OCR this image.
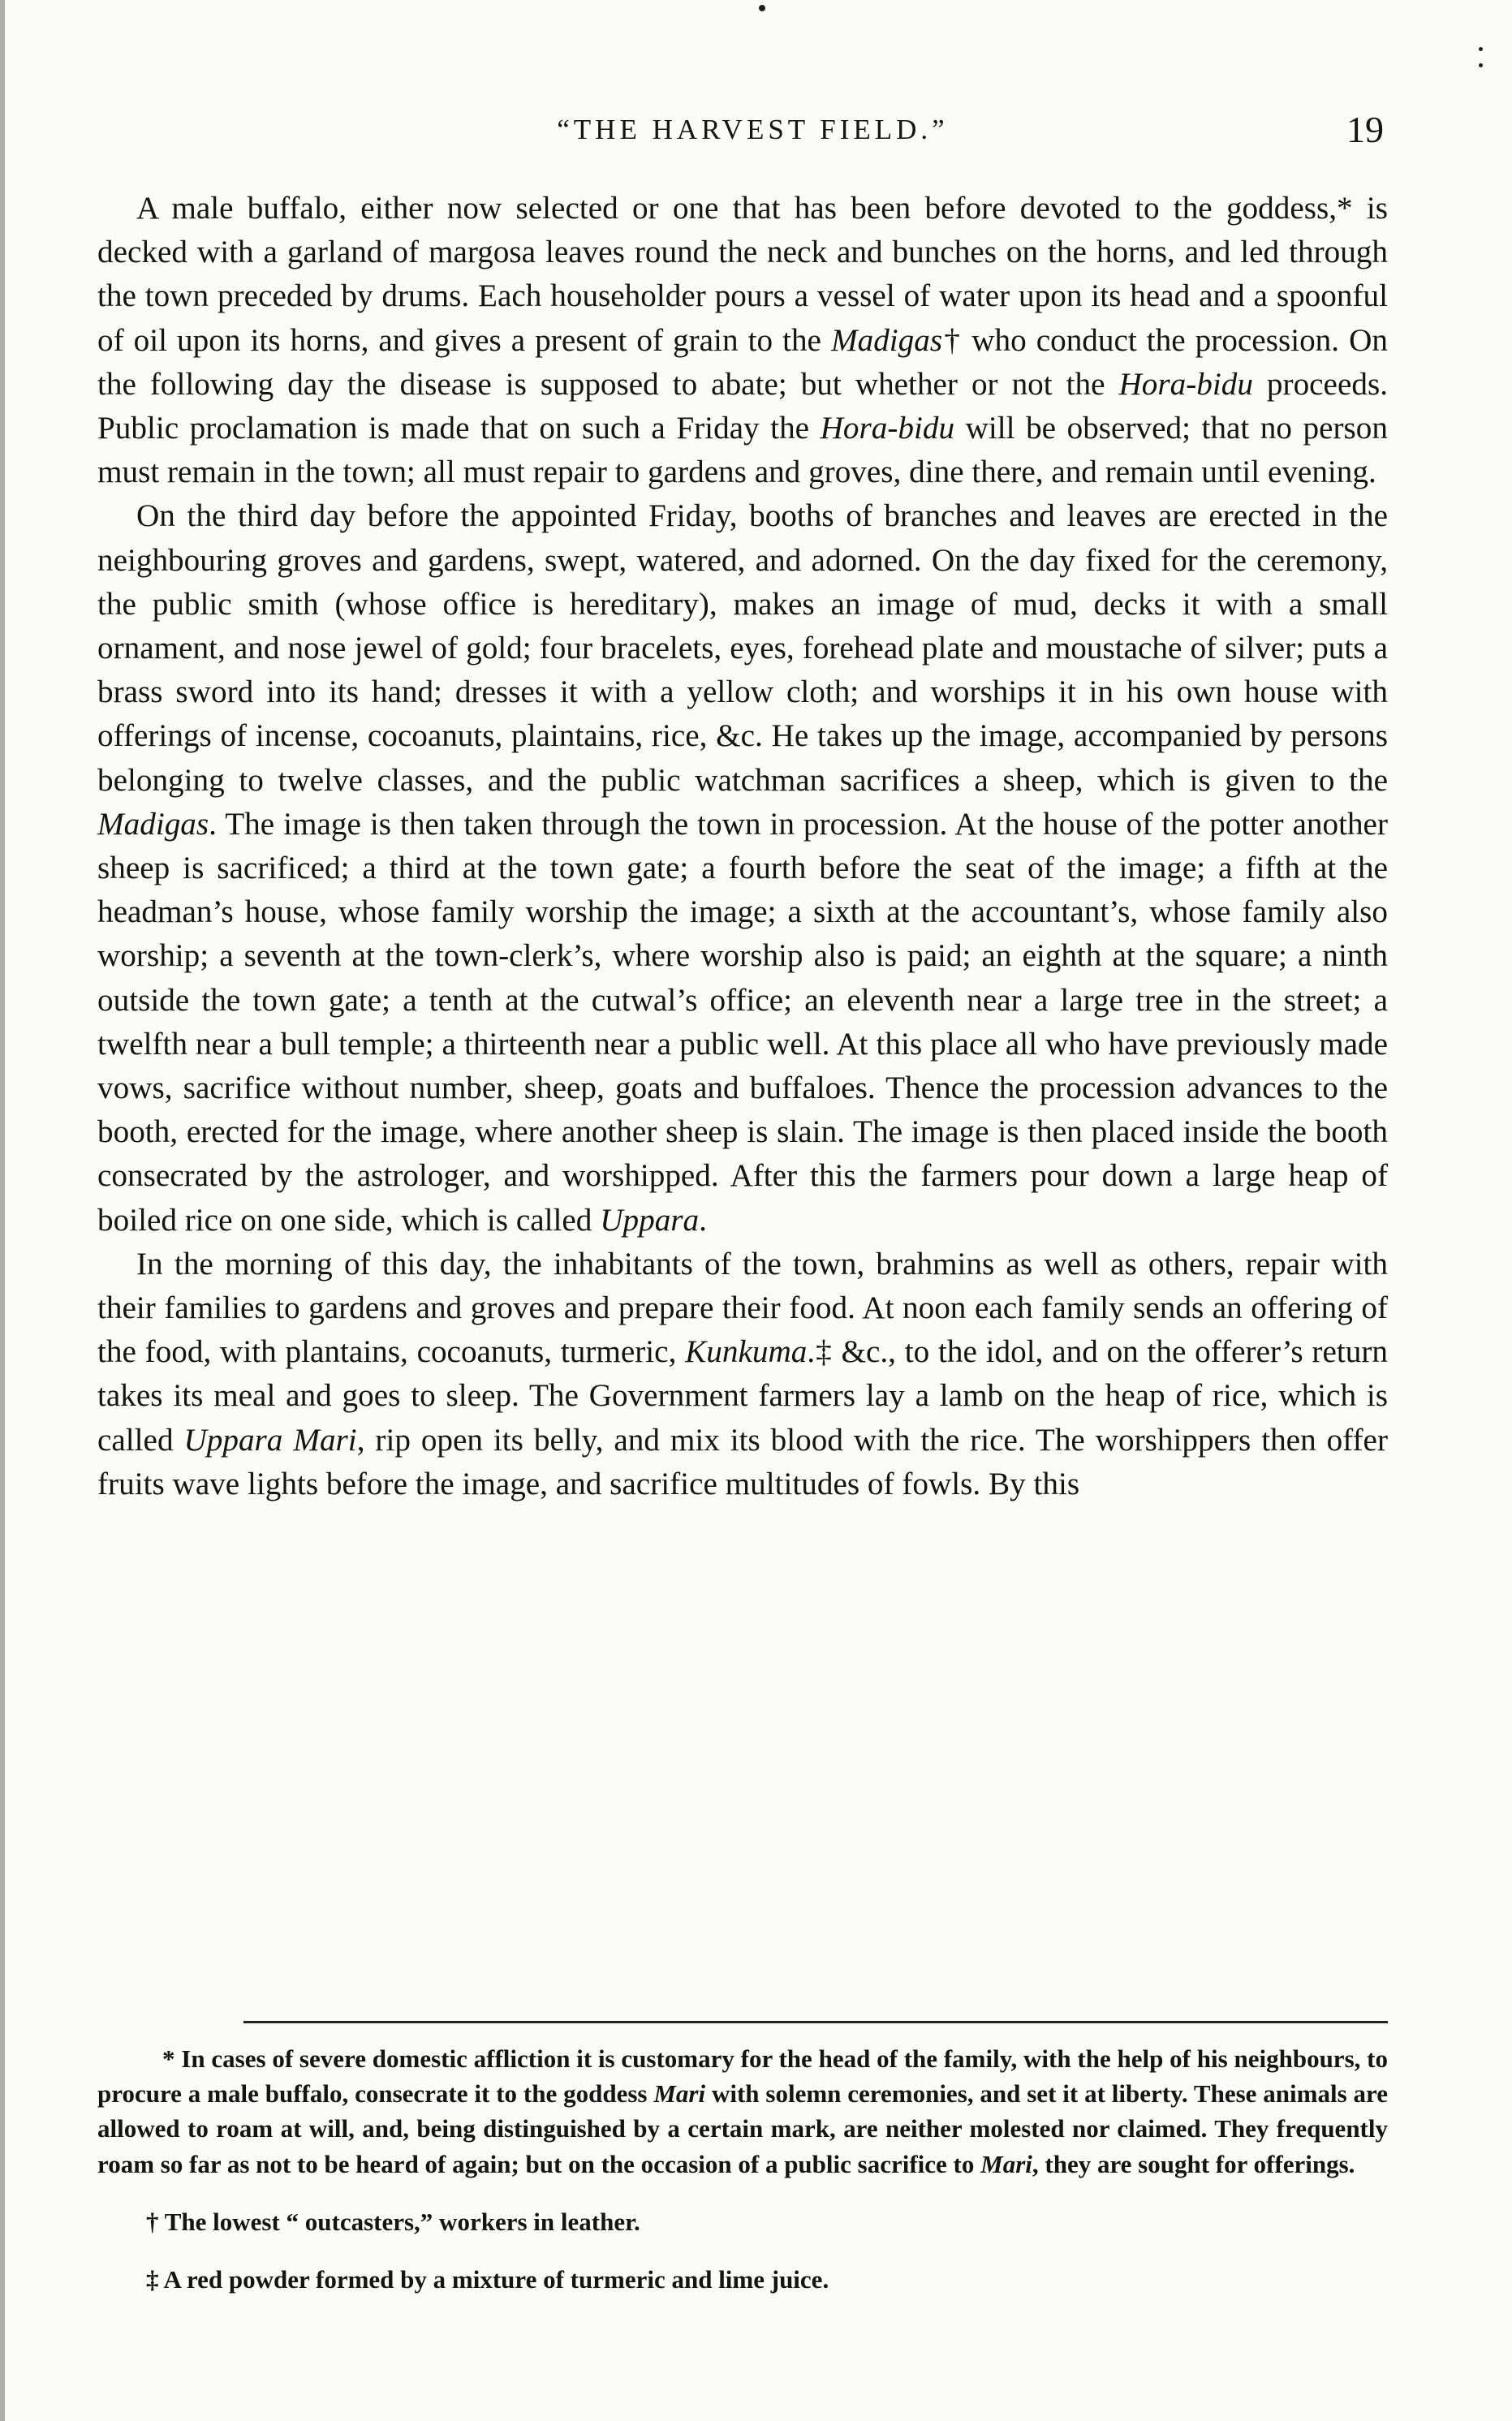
“THE HARVEST FIELD.”	19

A male buffalo, either now selected or one that has been before devoted to the goddess,* is decked with a garland of margosa leaves round the neck and bunches on the horns, and led through the town preceded by drums. Each householder pours a vessel of water upon its head and a spoonful of oil upon its horns, and gives a present of grain to the Madigas† who conduct the procession. On the following day the disease is supposed to abate; but whether or not the Hora-bidu proceeds. Public proclamation is made that on such a Friday the Hora-bidu will be observed; that no person must remain in the town; all must repair to gardens and groves, dine there, and remain until evening.

On the third day before the appointed Friday, booths of branches and leaves are erected in the neighbouring groves and gardens, swept, watered, and adorned. On the day fixed for the ceremony, the public smith (whose office is hereditary), makes an image of mud, decks it with a small ornament, and nose jewel of gold; four bracelets, eyes, forehead plate and moustache of silver; puts a brass sword into its hand; dresses it with a yellow cloth; and worships it in his own house with offerings of incense, cocoanuts, plaintains, rice, &c. He takes up the image, accompanied by persons belonging to twelve classes, and the public watchman sacrifices a sheep, which is given to the Madigas. The image is then taken through the town in procession. At the house of the potter another sheep is sacrificed; a third at the town gate; a fourth before the seat of the image; a fifth at the headman’s house, whose family worship the image; a sixth at the accountant’s, whose family also worship; a seventh at the town-clerk’s, where worship also is paid; an eighth at the square; a ninth outside the town gate; a tenth at the cutwal’s office; an eleventh near a large tree in the street; a twelfth near a bull temple; a thirteenth near a public well. At this place all who have previously made vows, sacrifice without number, sheep, goats and buffaloes. Thence the procession advances to the booth, erected for the image, where another sheep is slain. The image is then placed inside the booth consecrated by the astrologer, and worshipped. After this the farmers pour down a large heap of boiled rice on one side, which is called Uppara.

In the morning of this day, the inhabitants of the town, brahmins as well as others, repair with their families to gardens and groves and prepare their food. At noon each family sends an offering of the food, with plantains, cocoanuts, turmeric, Kunkuma.‡ &c., to the idol, and on the offerer’s return takes its meal and goes to sleep. The Government farmers lay a lamb on the heap of rice, which is called Uppara Mari, rip open its belly, and mix its blood with the rice. The worshippers then offer fruits wave lights before the image, and sacrifice multitudes of fowls. By this

* In cases of severe domestic affliction it is customary for the head of the family, with the help of his neighbours, to procure a male buffalo, consecrate it to the goddess Mari with solemn ceremonies, and set it at liberty. These animals are allowed to roam at will, and, being distinguished by a certain mark, are neither molested nor claimed. They frequently roam so far as not to be heard of again; but on the occasion of a public sacrifice to Mari, they are sought for offerings.

† The lowest “ outcasters,” workers in leather.

‡ A red powder formed by a mixture of turmeric and lime juice.
